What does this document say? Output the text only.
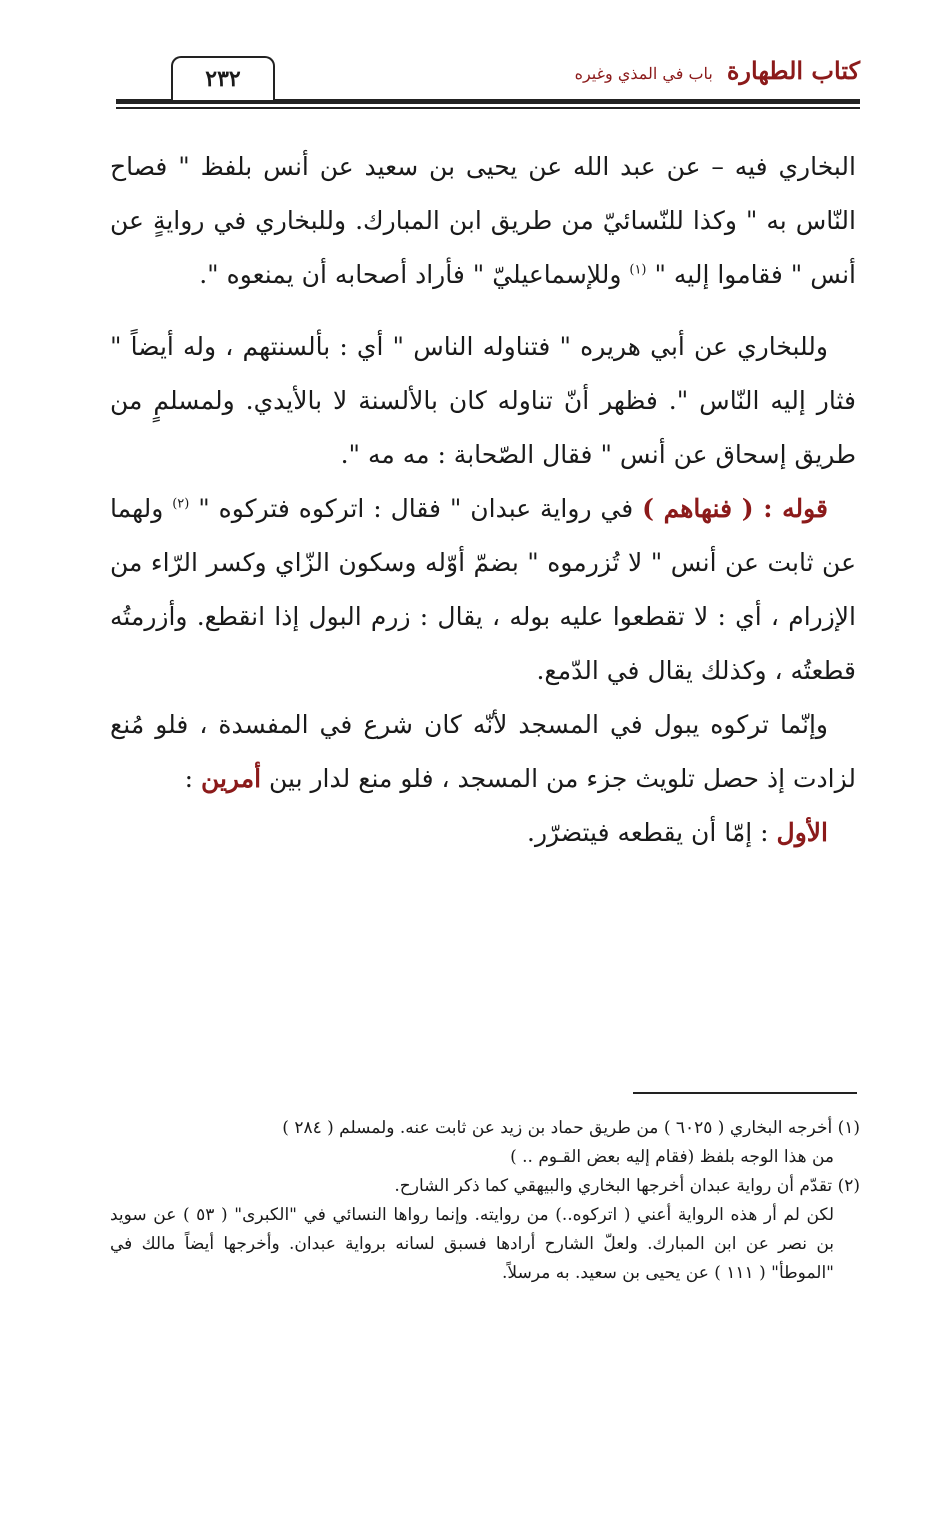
٢٣٢	كتاب الطهارةباب في المذي وغيره

البخاري فيه – عن عبد الله عن يحيى بن سعيد عن أنس بلفظ " فصاح النّاس به " وكذا للنّسائيّ من طريق ابن المبارك. وللبخاري في روايةٍ عن أنس " فقاموا إليه " $^{(١)}$ وللإسماعيليّ " فأراد أصحابه أن يمنعوه ".

وللبخاري عن أبي هريره " فتناوله الناس " أي : بألسنتهم ، وله أيضاً " فثار إليه النّاس ". فظهر أنّ تناوله كان بالألسنة لا بالأيدي. ولمسلمٍ من طريق إسحاق عن أنس " فقال الصّحابة : مه مه ".

قوله : ( فنهاهم ) في رواية عبدان " فقال : اتركوه فتركوه " $^{(٢)}$ ولهما عن ثابت عن أنس " لا تُزرموه " بضمّ أوّله وسكون الزّاي وكسر الرّاء من الإزرام ، أي : لا تقطعوا عليه بوله ، يقال : زرم البول إذا انقطع. وأزرمتُه قطعتُه ، وكذلك يقال في الدّمع.

وإنّما تركوه يبول في المسجد لأنّه كان شرع في المفسدة ، فلو مُنع لزادت إذ حصل تلويث جزء من المسجد ، فلو منع لدار بين أمرين :

الأول : إمّا أن يقطعه فيتضرّر.

(١) أخرجه البخاري ( ٦٠٢٥ ) من طريق حماد بن زيد عن ثابت عنه. ولمسلم ( ٢٨٤ )

من هذا الوجه بلفظ (فقام إليه بعض القـوم .. )

(٢) تقدّم أن رواية عبدان أخرجها البخاري والبيهقي كما ذكر الشارح.

لكن لم أر هذه الرواية أعني ( اتركوه..) من روايته. وإنما رواها النسائي في "الكبرى" ( ٥٣ ) عن سويد بن نصر عن ابن المبارك. ولعلّ الشارح أرادها فسبق لسانه برواية عبدان. وأخرجها أيضاً مالك في "الموطأ" ( ١١١ ) عن يحيى بن سعيد. به مرسلاً.
